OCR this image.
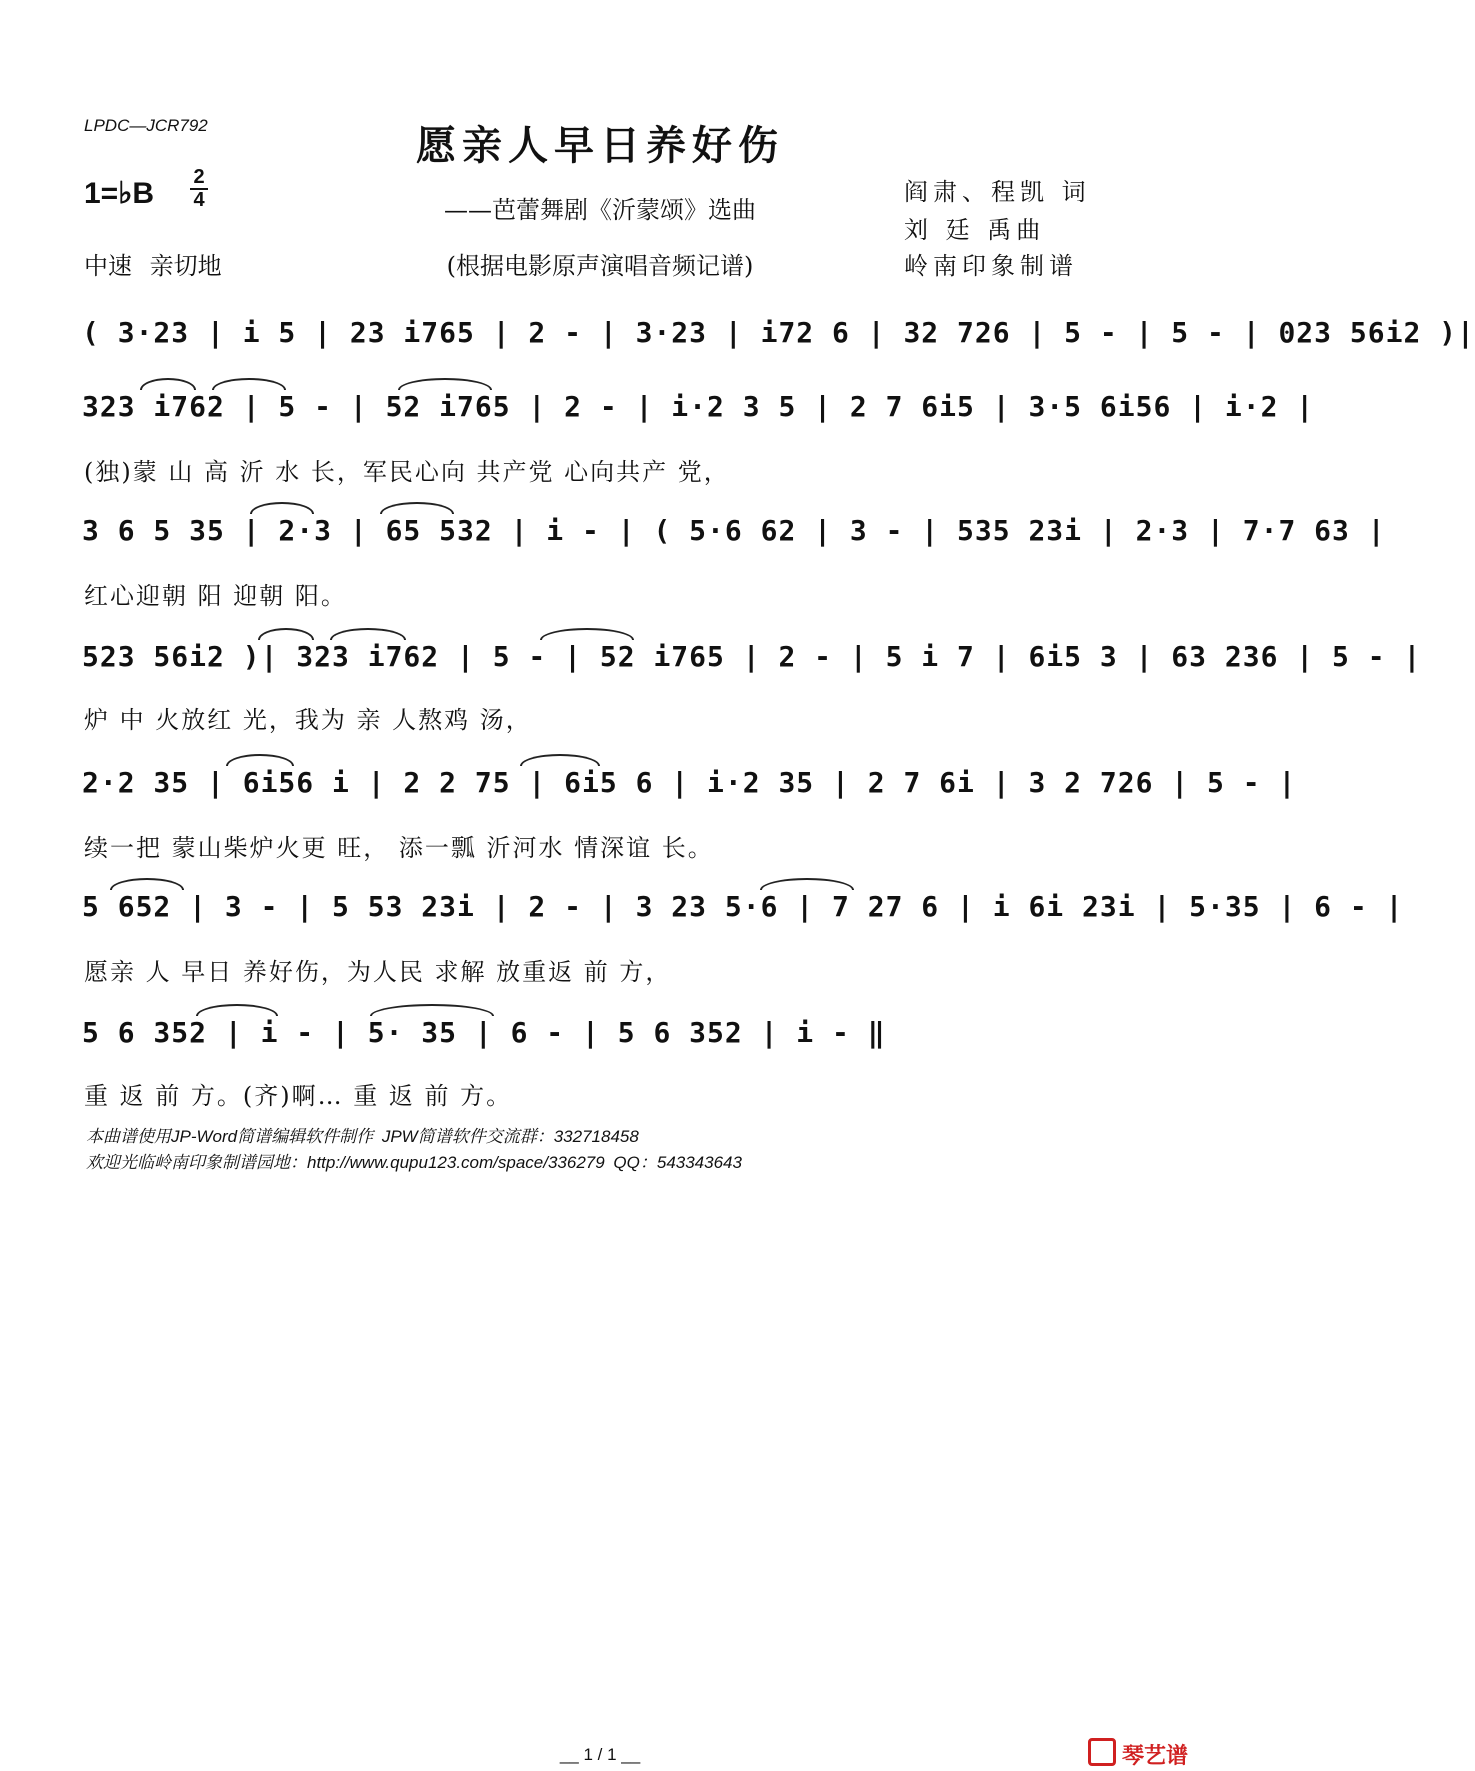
LPDC—JCR792	愿亲人早日养好伤
1=♭B 2
4	——芭蕾舞剧《沂蒙颂》选曲
阎肃、程凯 词
刘 廷 禹曲
岭南印象制谱
中速 亲切地	(根据电影原声演唱音频记谱)
( 3·23 | i 5 | 23 i765 | 2 - | 3·23 | i72 6 | 32 726 | 5 - | 5 - | 023 56i2 )|
323 i762 | 5 - | 52 i765 | 2 - | i·2 3 5 | 2 7 6i5 | 3·5 6i56 | i·2 |
(独)蒙 山 高 沂 水 长，军民心向 共产党 心向共产 党，
3 6 5 35 | 2·3 | 65 532 | i - | ( 5·6 62 | 3 - | 535 23i | 2·3 | 7·7 63 |
红心迎朝 阳 迎朝 阳。
523 56i2 )| 323 i762 | 5 - | 52 i765 | 2 - | 5 i 7 | 6i5 3 | 63 236 | 5 - |
炉 中 火放红 光，我为 亲 人熬鸡 汤，
2·2 35 | 6i56 i | 2 2 75 | 6i5 6 | i·2 35 | 2 7 6i | 3 2 726 | 5 - |
续一把 蒙山柴炉火更 旺， 添一瓢 沂河水 情深谊 长。
5 652 | 3 - | 5 53 23i | 2 - | 3 23 5·6 | 7 27 6 | i 6i 23i | 5·35 | 6 - |
愿亲 人 早日 养好伤，为人民 求解 放重返 前 方，
5 6 352 | i - | 5· 35 | 6 - | 5 6 352 | i - ‖
重 返 前 方。(齐)啊… 重 返 前 方。
本曲谱使用JP-Word简谱编辑软件制作 JPW简谱软件交流群：332718458
欢迎光临岭南印象制谱园地：http://www.qupu123.com/space/336279 QQ：543343643
__ 1 / 1 __	琴艺谱
